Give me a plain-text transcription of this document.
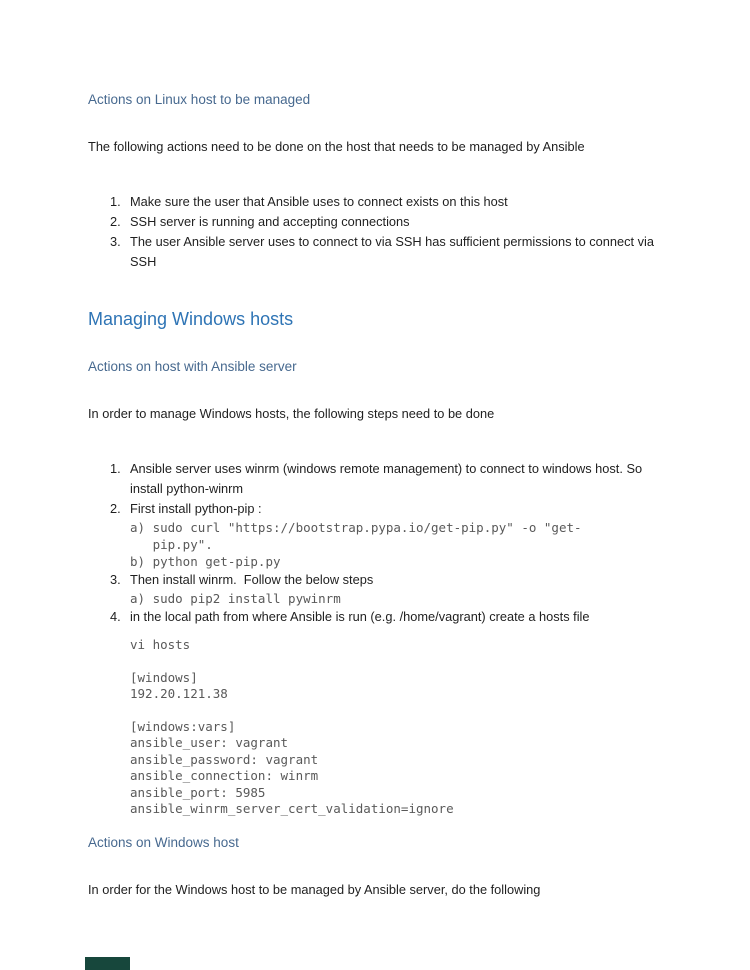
Actions on Linux host to be managed

The following actions need to be done on the host that needs to be managed by Ansible

1. Make sure the user that Ansible uses to connect exists on this host
2. SSH server is running and accepting connections
3. The user Ansible server uses to connect to via SSH has sufficient permissions to connect via
SSH
Managing Windows hosts
Actions on host with Ansible server

In order to manage Windows hosts, the following steps need to be done

1. Ansible server uses winrm (windows remote management) to connect to windows host. So
install python-winrm
2. First install python-pip :
a) sudo curl "https://bootstrap.pypa.io/get-pip.py" -o "get-
pip.py".
b) python get-pip.py
3. Then install winrm.  Follow the below steps
a) sudo pip2 install pywinrm
4. in the local path from where Ansible is run (e.g. /home/vagrant) create a hosts file
vi hosts
[windows]
192.20.121.38
[windows:vars]
ansible_user: vagrant
ansible_password: vagrant
ansible_connection: winrm
ansible_port: 5985
ansible_winrm_server_cert_validation=ignore
Actions on Windows host

In order for the Windows host to be managed by Ansible server, do the following
